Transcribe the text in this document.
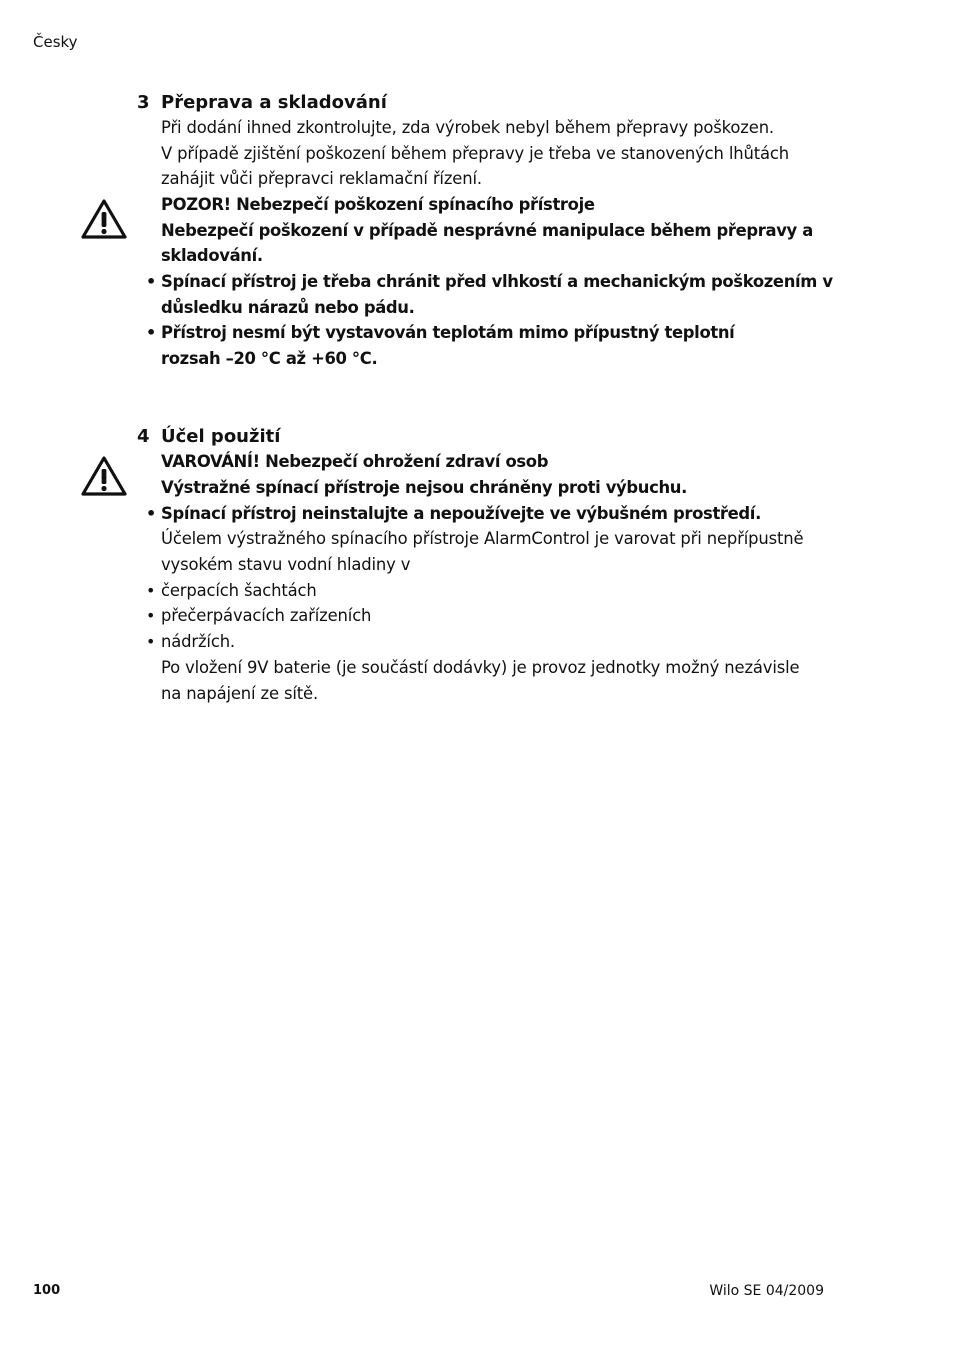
Česky
3 Přeprava a skladování
Při dodání ihned zkontrolujte, zda výrobek nebyl během přepravy poškozen.
V případě zjištění poškození během přepravy je třeba ve stanovených lhůtách
zahájit vůči přepravci reklamační řízení.
POZOR! Nebezpečí poškození spínacího přístroje
Nebezpečí poškození v případě nesprávné manipulace během přepravy a
skladování.
• Spínací přístroj je třeba chránit před vlhkostí a mechanickým poškozením v
důsledku nárazů nebo pádu.
• Přístroj nesmí být vystavován teplotám mimo přípustný teplotní
rozsah –20 °C až +60 °C.
4 Účel použití
VAROVÁNÍ! Nebezpečí ohrožení zdraví osob
Výstražné spínací přístroje nejsou chráněny proti výbuchu.
• Spínací přístroj neinstalujte a nepoužívejte ve výbušném prostředí.
Účelem výstražného spínacího přístroje AlarmControl je varovat při nepřípustně
vysokém stavu vodní hladiny v
• čerpacích šachtách
• přečerpávacích zařízeních
• nádržích.
Po vložení 9V baterie (je součástí dodávky) je provoz jednotky možný nezávisle
na napájení ze sítě.
100	Wilo SE 04/2009
